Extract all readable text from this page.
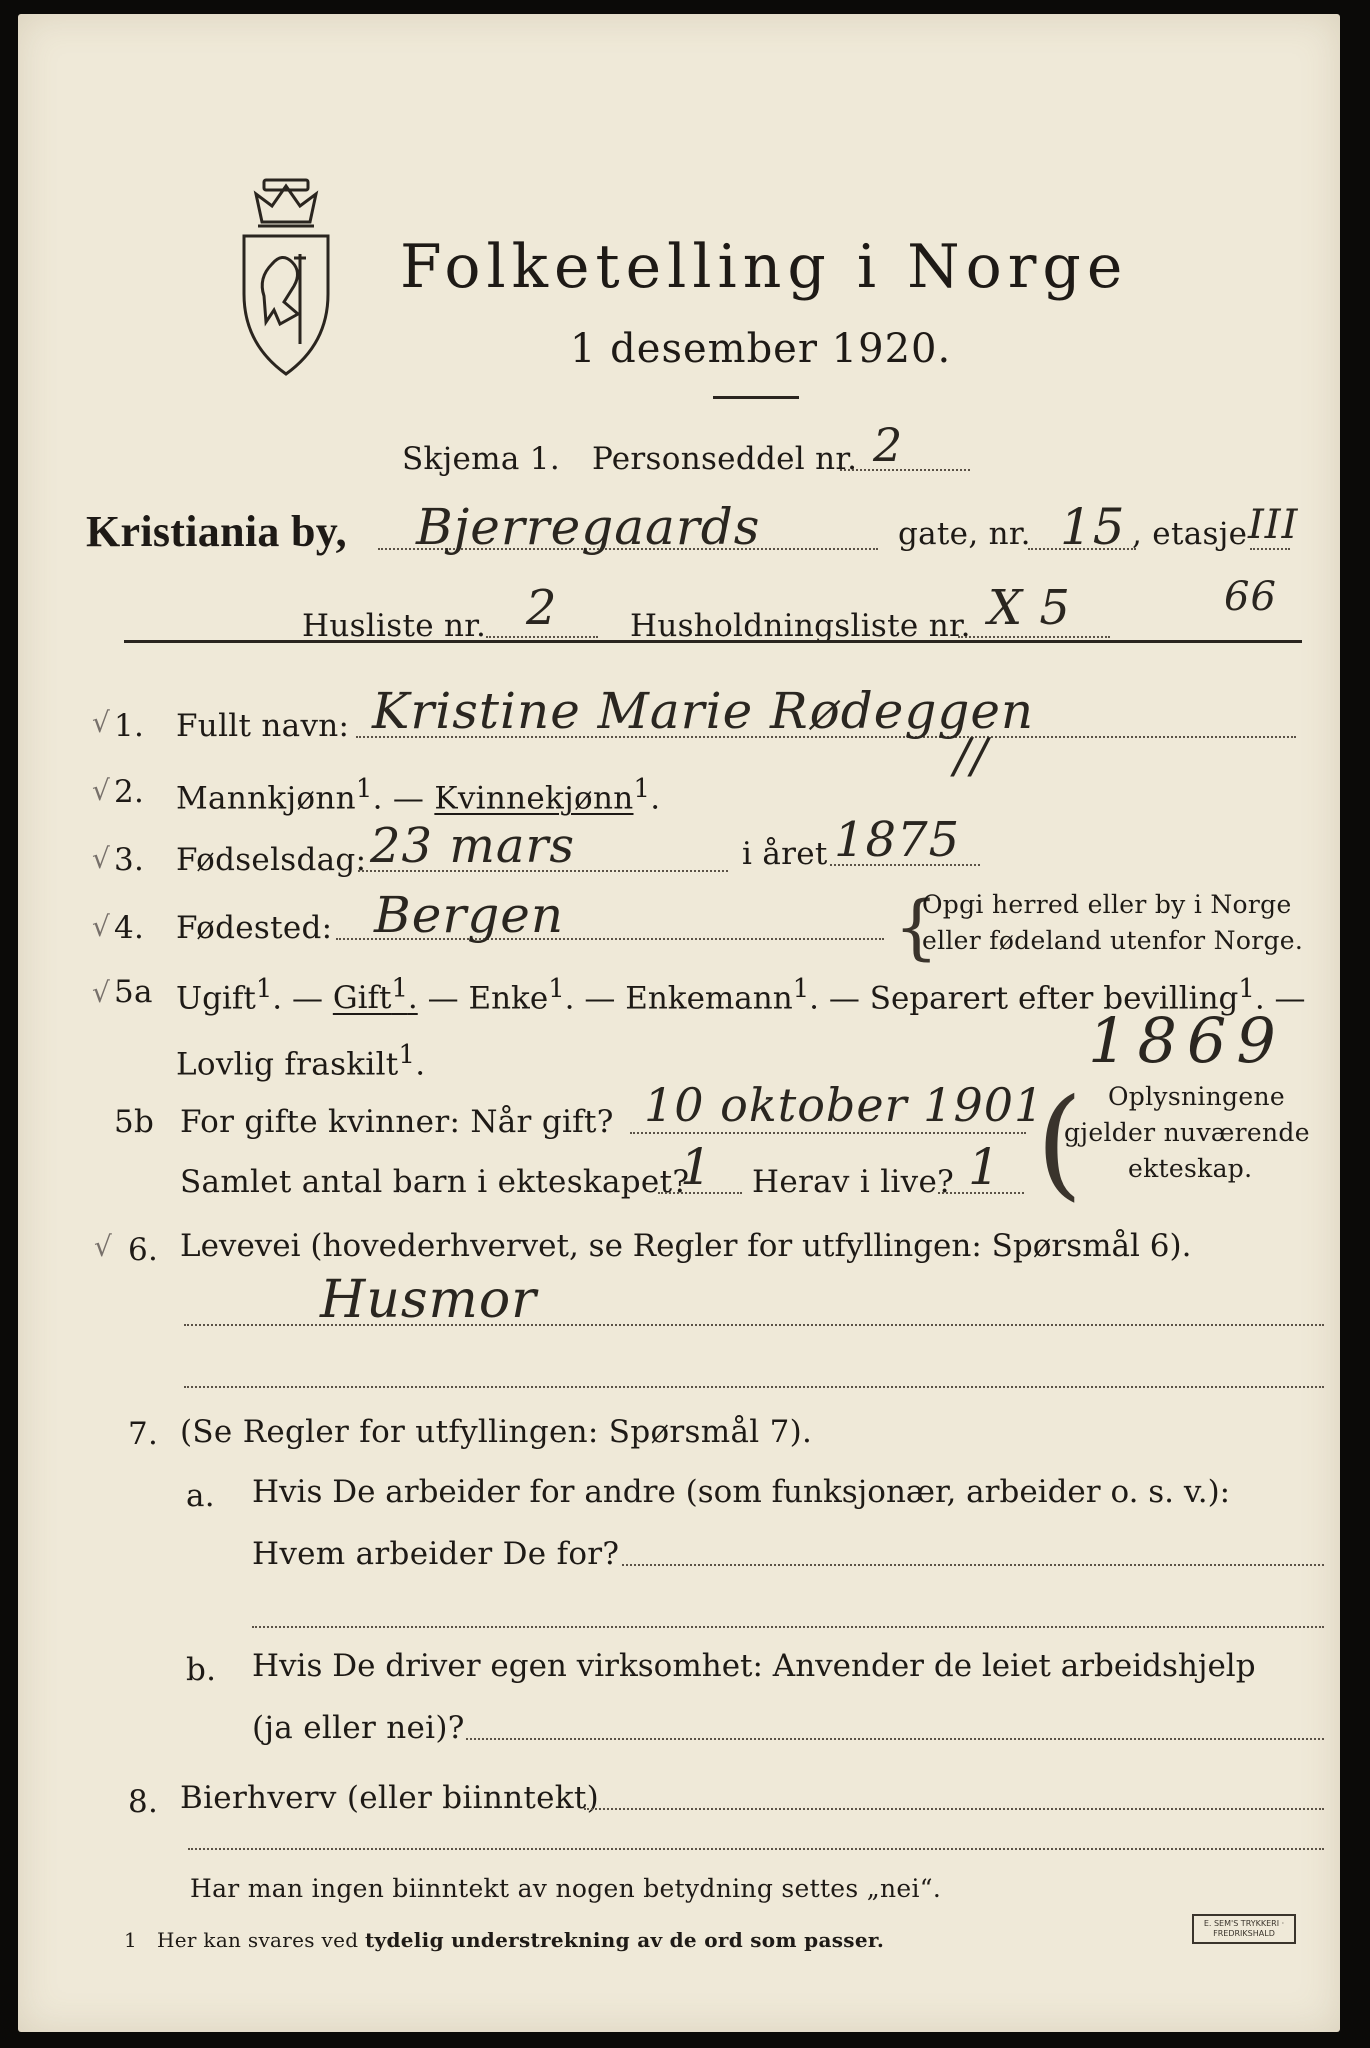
Folketelling i Norge
1 desember 1920.
Skjema 1. Personseddel nr. 2
Kristiania by, Bjerregaards	gate, nr. 15 , etasje III
Husliste nr. 2 Husholdningsliste nr. X 5	66
√ 1. Fullt navn: Kristine Marie Rødeggen
//
√ 2. Mannkjønn$^1$. — Kvinnekjønn$^1$.
√ 3. Fødselsdag: 23 mars	i året 1875
√ 4. Fødested: Bergen	{
Opgi herred eller by i Norge
eller fødeland utenfor Norge.
√ 5a Ugift$^1$. — Gift$^1$. — Enke$^1$. — Enkemann$^1$. — Separert efter bevilling$^1$. —
Lovlig fraskilt$^1$.	1869
5b For gifte kvinner: Når gift? 10 oktober 1901
Samlet antal barn i ekteskapet?
1 Herav i live? 1 ( Oplysningene
gjelder nuværende
ekteskap.
√ 6. Levevei (hovederhvervet, se Regler for utfyllingen: Spørsmål 6).
Husmor
7. (Se Regler for utfyllingen: Spørsmål 7).
a. Hvis De arbeider for andre (som funksjonær, arbeider o. s. v.):
Hvem arbeider De for?
b. Hvis De driver egen virksomhet: Anvender de leiet arbeidshjelp
(ja eller nei)?
8. Bierhverv (eller biinntekt)
Har man ingen biinntekt av nogen betydning settes „nei“.
1 Her kan svares ved tydelig understrekning av de ord som passer.
E. SEM'S TRYKKERI · FREDRIKSHALD
